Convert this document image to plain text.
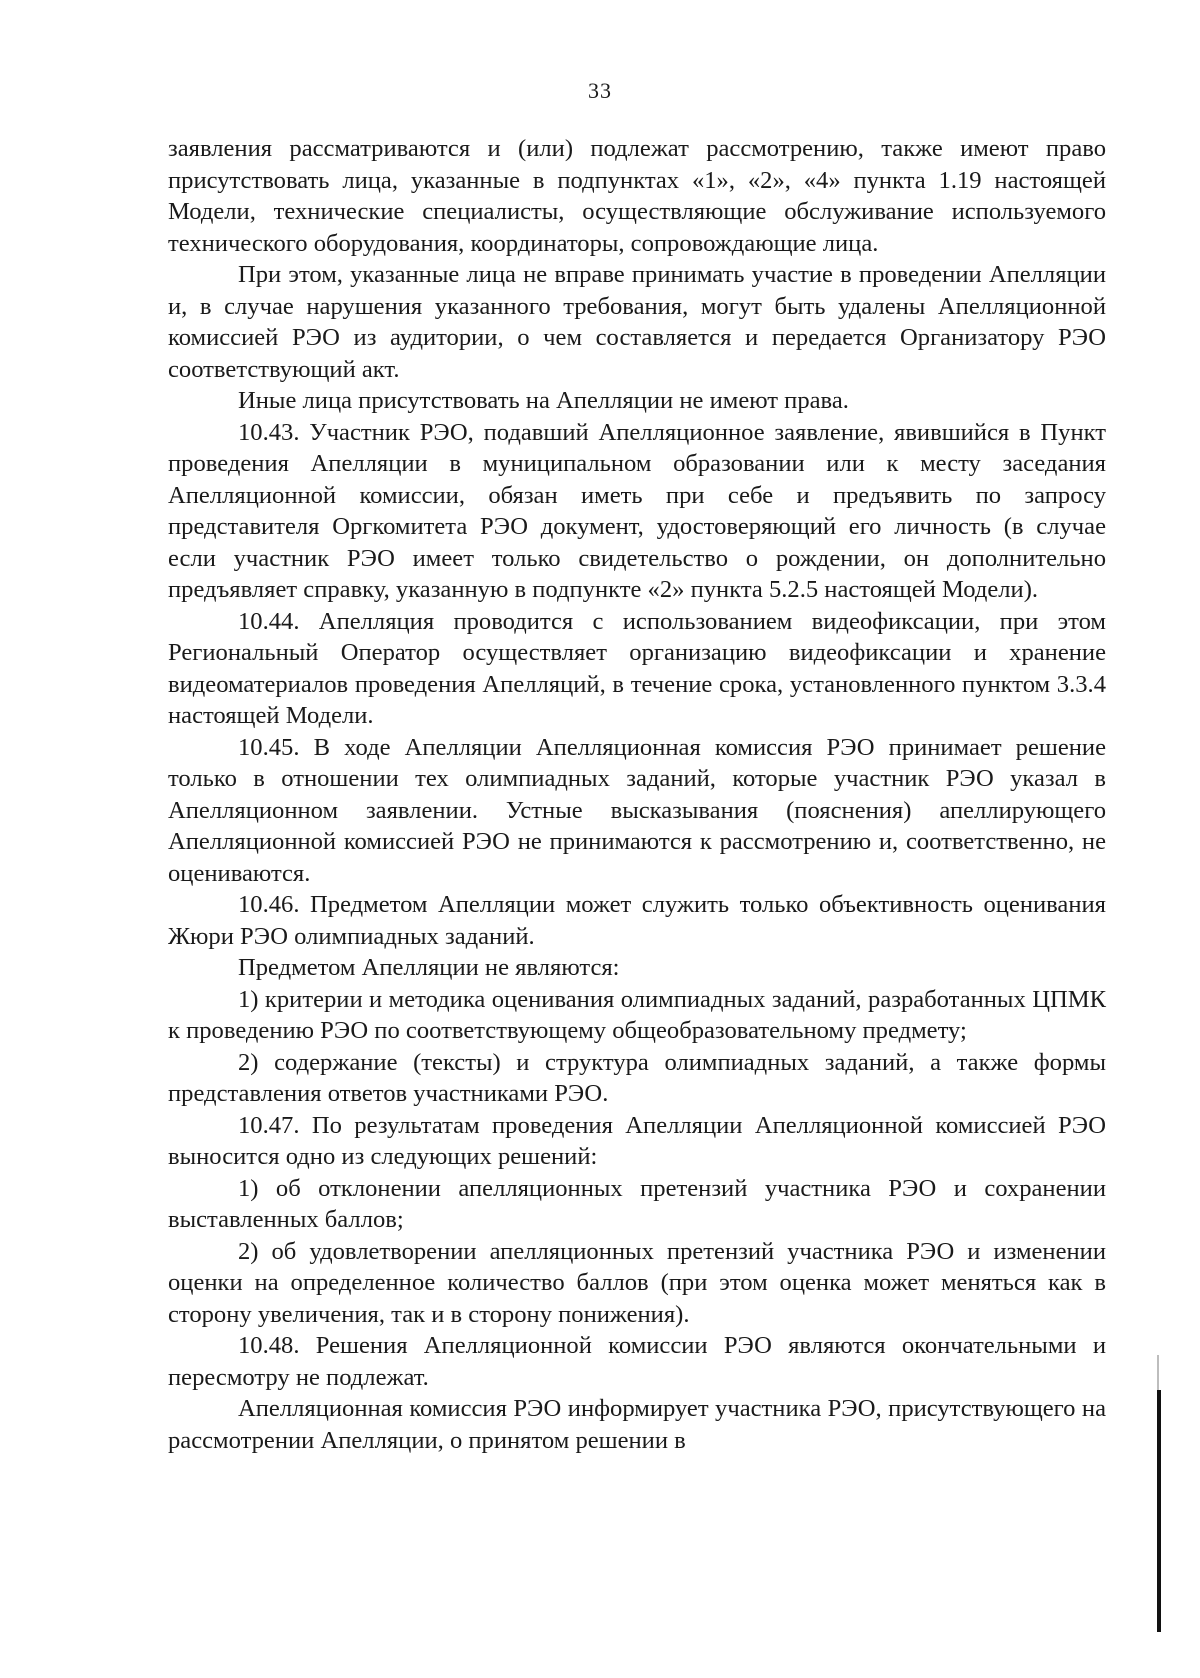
33

заявления рассматриваются и (или) подлежат рассмотрению, также имеют право присутствовать лица, указанные в подпунктах «1», «2», «4» пункта 1.19 настоящей Модели, технические специалисты, осуществляющие обслуживание используемого технического оборудования, координаторы, сопровождающие лица.

При этом, указанные лица не вправе принимать участие в проведении Апелляции и, в случае нарушения указанного требования, могут быть удалены Апелляционной комиссией РЭО из аудитории, о чем составляется и передается Организатору РЭО соответствующий акт.

Иные лица присутствовать на Апелляции не имеют права.

10.43. Участник РЭО, подавший Апелляционное заявление, явившийся в Пункт проведения Апелляции в муниципальном образовании или к месту заседания Апелляционной комиссии, обязан иметь при себе и предъявить по запросу представителя Оргкомитета РЭО документ, удостоверяющий его личность (в случае если участник РЭО имеет только свидетельство о рождении, он дополнительно предъявляет справку, указанную в подпункте «2» пункта 5.2.5 настоящей Модели).

10.44. Апелляция проводится с использованием видеофиксации, при этом Региональный Оператор осуществляет организацию видеофиксации и хранение видеоматериалов проведения Апелляций, в течение срока, установленного пунктом 3.3.4 настоящей Модели.

10.45. В ходе Апелляции Апелляционная комиссия РЭО принимает решение только в отношении тех олимпиадных заданий, которые участник РЭО указал в Апелляционном заявлении. Устные высказывания (пояснения) апеллирующего Апелляционной комиссией РЭО не принимаются к рассмотрению и, соответственно, не оцениваются.

10.46. Предметом Апелляции может служить только объективность оценивания Жюри РЭО олимпиадных заданий.

Предметом Апелляции не являются:

1) критерии и методика оценивания олимпиадных заданий, разработанных ЦПМК к проведению РЭО по соответствующему общеобразовательному предмету;

2) содержание (тексты) и структура олимпиадных заданий, а также формы представления ответов участниками РЭО.

10.47. По результатам проведения Апелляции Апелляционной комиссией РЭО выносится одно из следующих решений:

1) об отклонении апелляционных претензий участника РЭО и сохранении выставленных баллов;

2) об удовлетворении апелляционных претензий участника РЭО и изменении оценки на определенное количество баллов (при этом оценка может меняться как в сторону увеличения, так и в сторону понижения).

10.48. Решения Апелляционной комиссии РЭО являются окончательными и пересмотру не подлежат.

Апелляционная комиссия РЭО информирует участника РЭО, присутствующего на рассмотрении Апелляции, о принятом решении в
